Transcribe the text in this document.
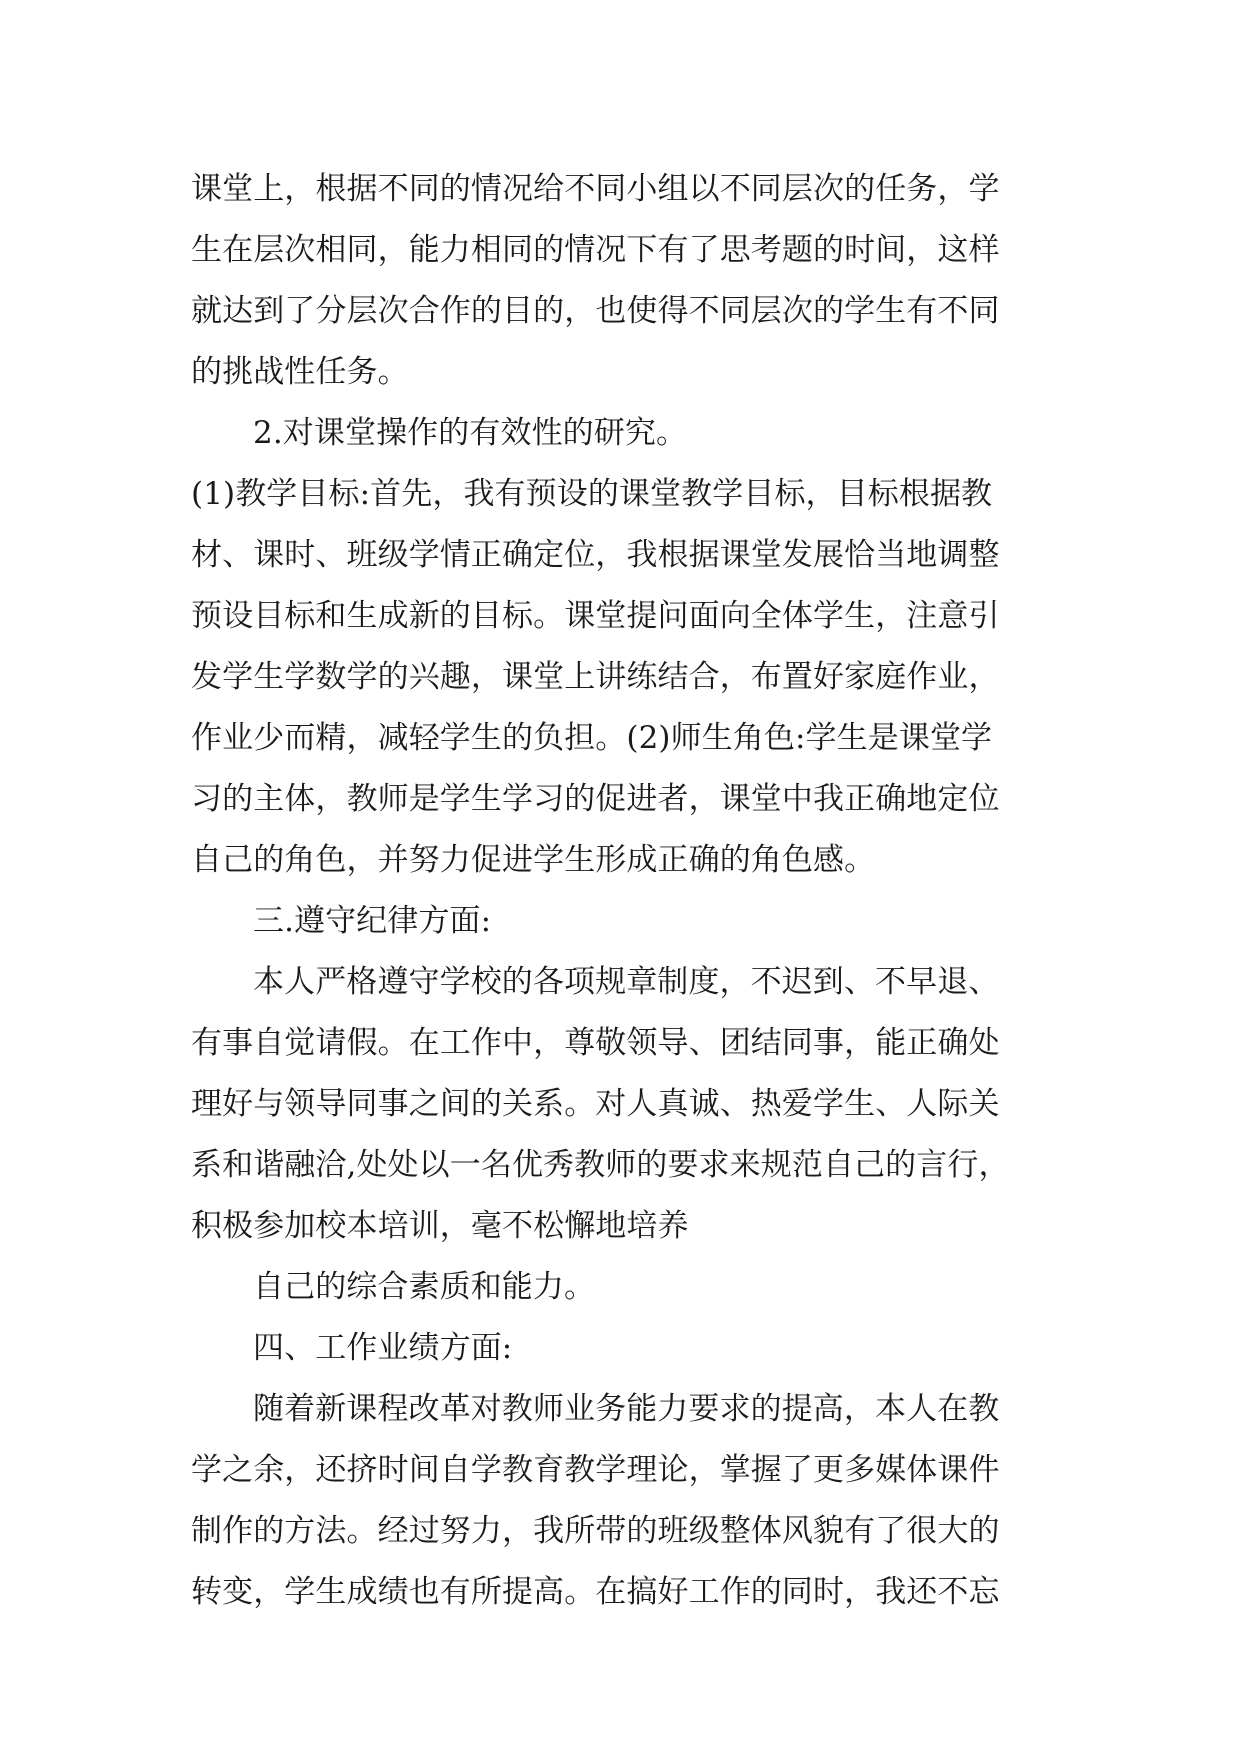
课堂上，根据不同的情况给不同小组以不同层次的任务，学
生在层次相同，能力相同的情况下有了思考题的时间，这样
就达到了分层次合作的目的，也使得不同层次的学生有不同
的挑战性任务。
2.对课堂操作的有效性的研究。
(1)教学目标:首先，我有预设的课堂教学目标，目标根据教
材、课时、班级学情正确定位，我根据课堂发展恰当地调整
预设目标和生成新的目标。课堂提问面向全体学生，注意引
发学生学数学的兴趣，课堂上讲练结合，布置好家庭作业，
作业少而精，减轻学生的负担。(2)师生角色:学生是课堂学
习的主体，教师是学生学习的促进者，课堂中我正确地定位
自己的角色，并努力促进学生形成正确的角色感。
三.遵守纪律方面:
本人严格遵守学校的各项规章制度，不迟到、不早退、
有事自觉请假。在工作中，尊敬领导、团结同事，能正确处
理好与领导同事之间的关系。对人真诚、热爱学生、人际关
系和谐融洽,处处以一名优秀教师的要求来规范自己的言行，
积极参加校本培训，毫不松懈地培养
自己的综合素质和能力。
四、工作业绩方面:
随着新课程改革对教师业务能力要求的提高，本人在教
学之余，还挤时间自学教育教学理论，掌握了更多媒体课件
制作的方法。经过努力，我所带的班级整体风貌有了很大的
转变，学生成绩也有所提高。在搞好工作的同时，我还不忘
